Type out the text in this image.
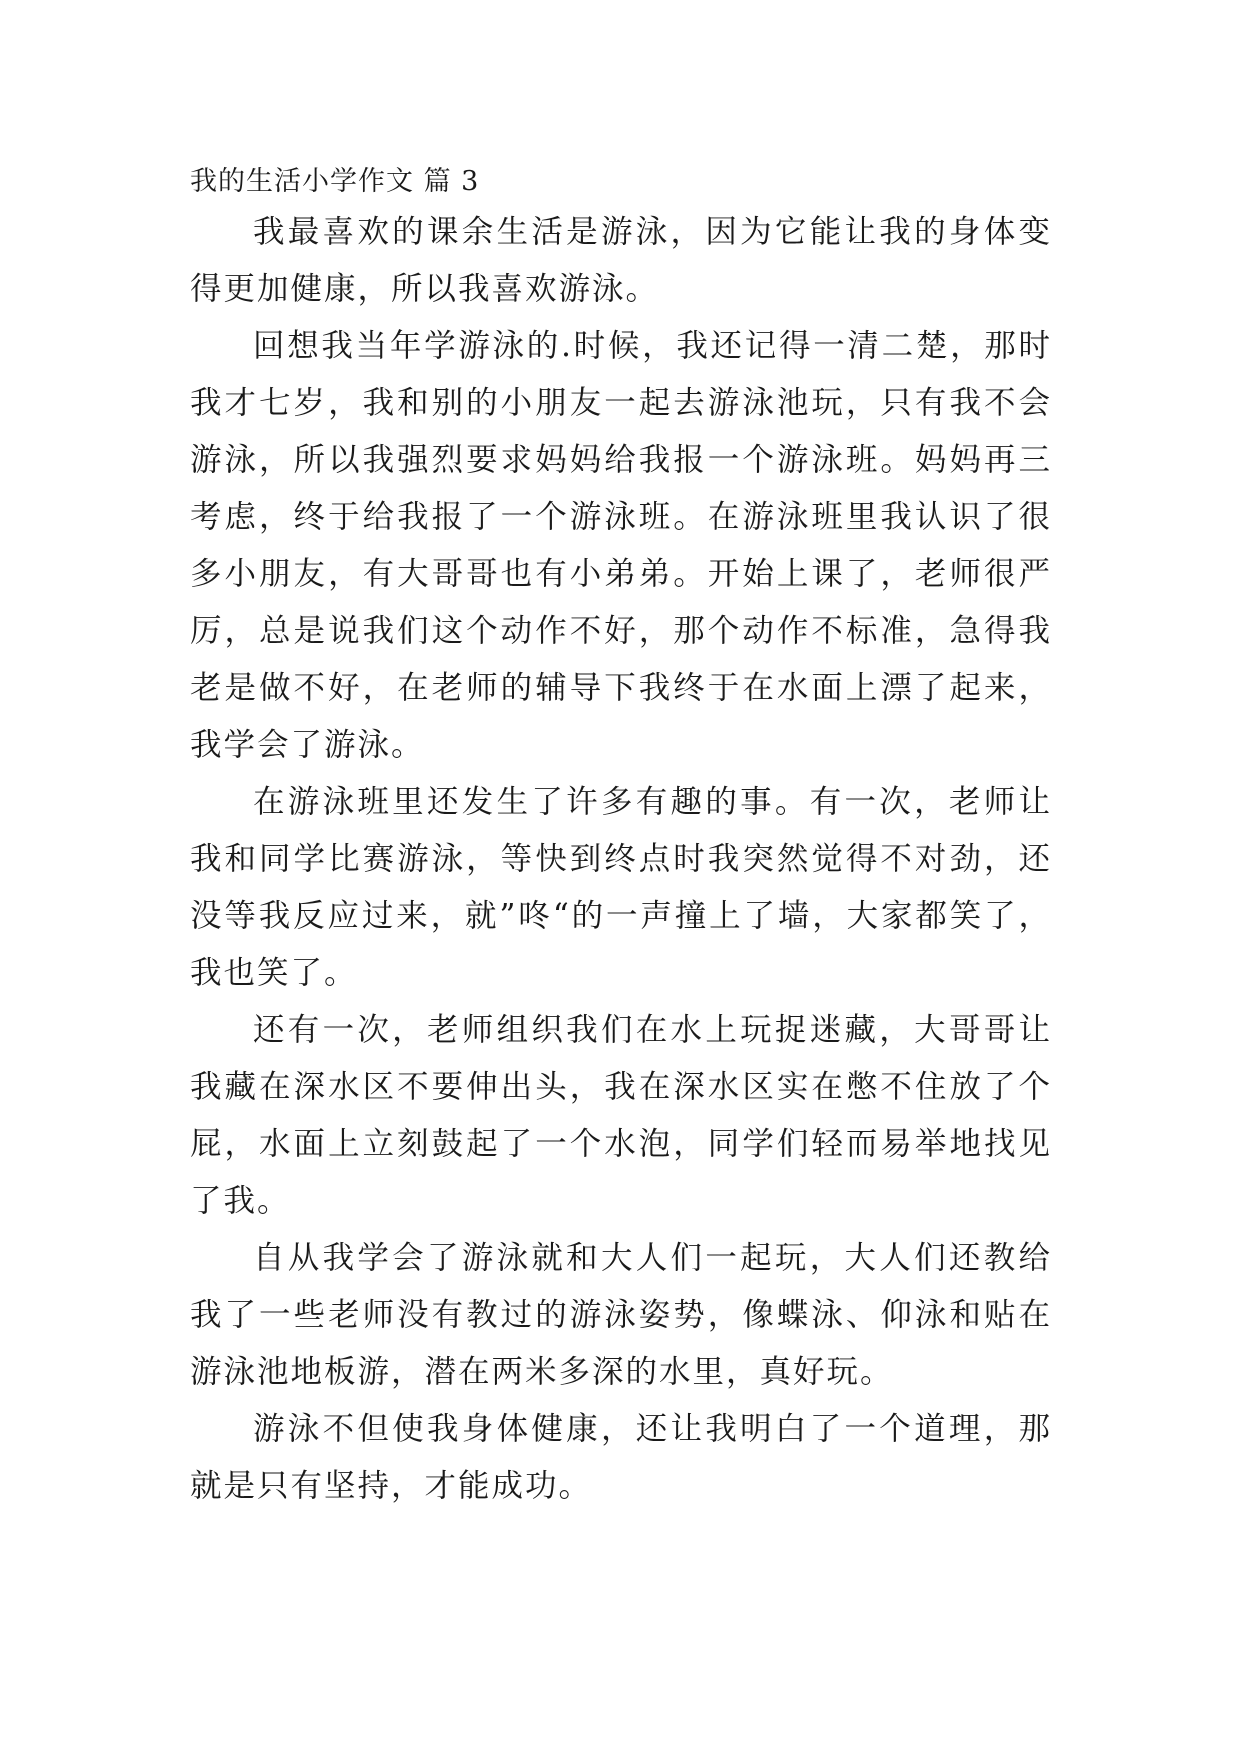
我的生活小学作文 篇 3

我最喜欢的课余生活是游泳，因为它能让我的身体变得更加健康，所以我喜欢游泳。

回想我当年学游泳的.时候，我还记得一清二楚，那时我才七岁，我和别的小朋友一起去游泳池玩，只有我不会游泳，所以我强烈要求妈妈给我报一个游泳班。妈妈再三考虑，终于给我报了一个游泳班。在游泳班里我认识了很多小朋友，有大哥哥也有小弟弟。开始上课了，老师很严厉，总是说我们这个动作不好，那个动作不标准，急得我老是做不好，在老师的辅导下我终于在水面上漂了起来，我学会了游泳。

在游泳班里还发生了许多有趣的事。有一次，老师让我和同学比赛游泳，等快到终点时我突然觉得不对劲，还没等我反应过来，就”咚“的一声撞上了墙，大家都笑了，我也笑了。

还有一次，老师组织我们在水上玩捉迷藏，大哥哥让我藏在深水区不要伸出头，我在深水区实在憋不住放了个屁，水面上立刻鼓起了一个水泡，同学们轻而易举地找见了我。

自从我学会了游泳就和大人们一起玩，大人们还教给我了一些老师没有教过的游泳姿势，像蝶泳、仰泳和贴在游泳池地板游，潜在两米多深的水里，真好玩。

游泳不但使我身体健康，还让我明白了一个道理，那就是只有坚持，才能成功。
